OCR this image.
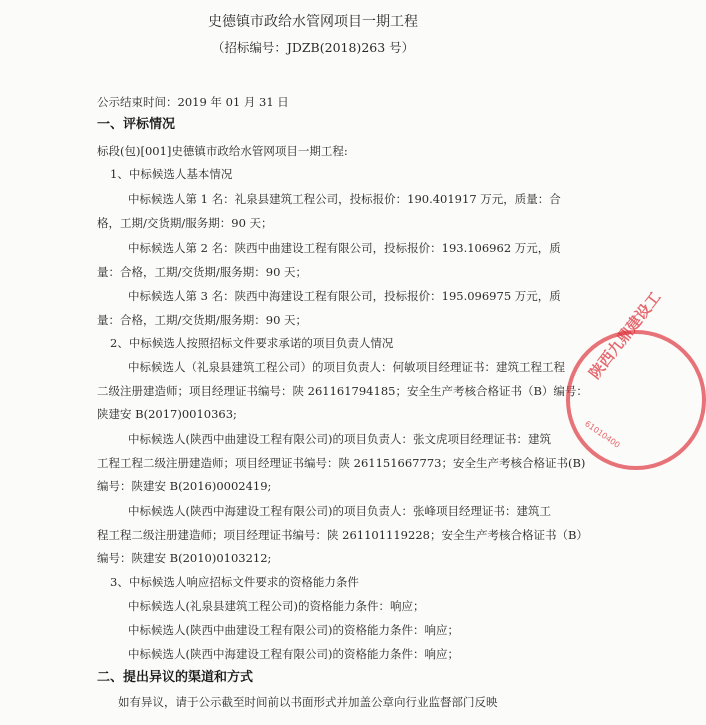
史德镇市政给水管网项目一期工程
（招标编号：JDZB(2018)263 号）
公示结束时间：2019 年 01 月 31 日
一、评标情况
标段(包)[001]史德镇市政给水管网项目一期工程:
1、中标候选人基本情况
中标候选人第 1 名：礼泉县建筑工程公司，投标报价：190.401917 万元，质量：合
格，工期/交货期/服务期：90 天；
中标候选人第 2 名：陕西中曲建设工程有限公司，投标报价：193.106962 万元，质
量：合格，工期/交货期/服务期：90 天；
中标候选人第 3 名：陕西中海建设工程有限公司，投标报价：195.096975 万元，质
量：合格，工期/交货期/服务期：90 天；
2、中标候选人按照招标文件要求承诺的项目负责人情况
中标候选人（礼泉县建筑工程公司）的项目负责人：何敏项目经理证书：建筑工程工程
二级注册建造师；项目经理证书编号：陕 261161794185；安全生产考核合格证书（B）编号：
陕建安 B(2017)0010363;
中标候选人(陕西中曲建设工程有限公司)的项目负责人：张文虎项目经理证书：建筑
工程工程二级注册建造师；项目经理证书编号：陕 261151667773；安全生产考核合格证书(B)
编号：陕建安 B(2016)0002419;
中标候选人(陕西中海建设工程有限公司)的项目负责人：张峰项目经理证书：建筑工
程工程二级注册建造师；项目经理证书编号：陕 261101119228；安全生产考核合格证书（B）
编号：陕建安 B(2010)0103212;
3、中标候选人响应招标文件要求的资格能力条件
中标候选人(礼泉县建筑工程公司)的资格能力条件：响应；
中标候选人(陕西中曲建设工程有限公司)的资格能力条件：响应；
中标候选人(陕西中海建设工程有限公司)的资格能力条件：响应；
二、提出异议的渠道和方式
如有异议，请于公示截至时间前以书面形式并加盖公章向行业监督部门反映
陕西九鼎建设工
61010400
